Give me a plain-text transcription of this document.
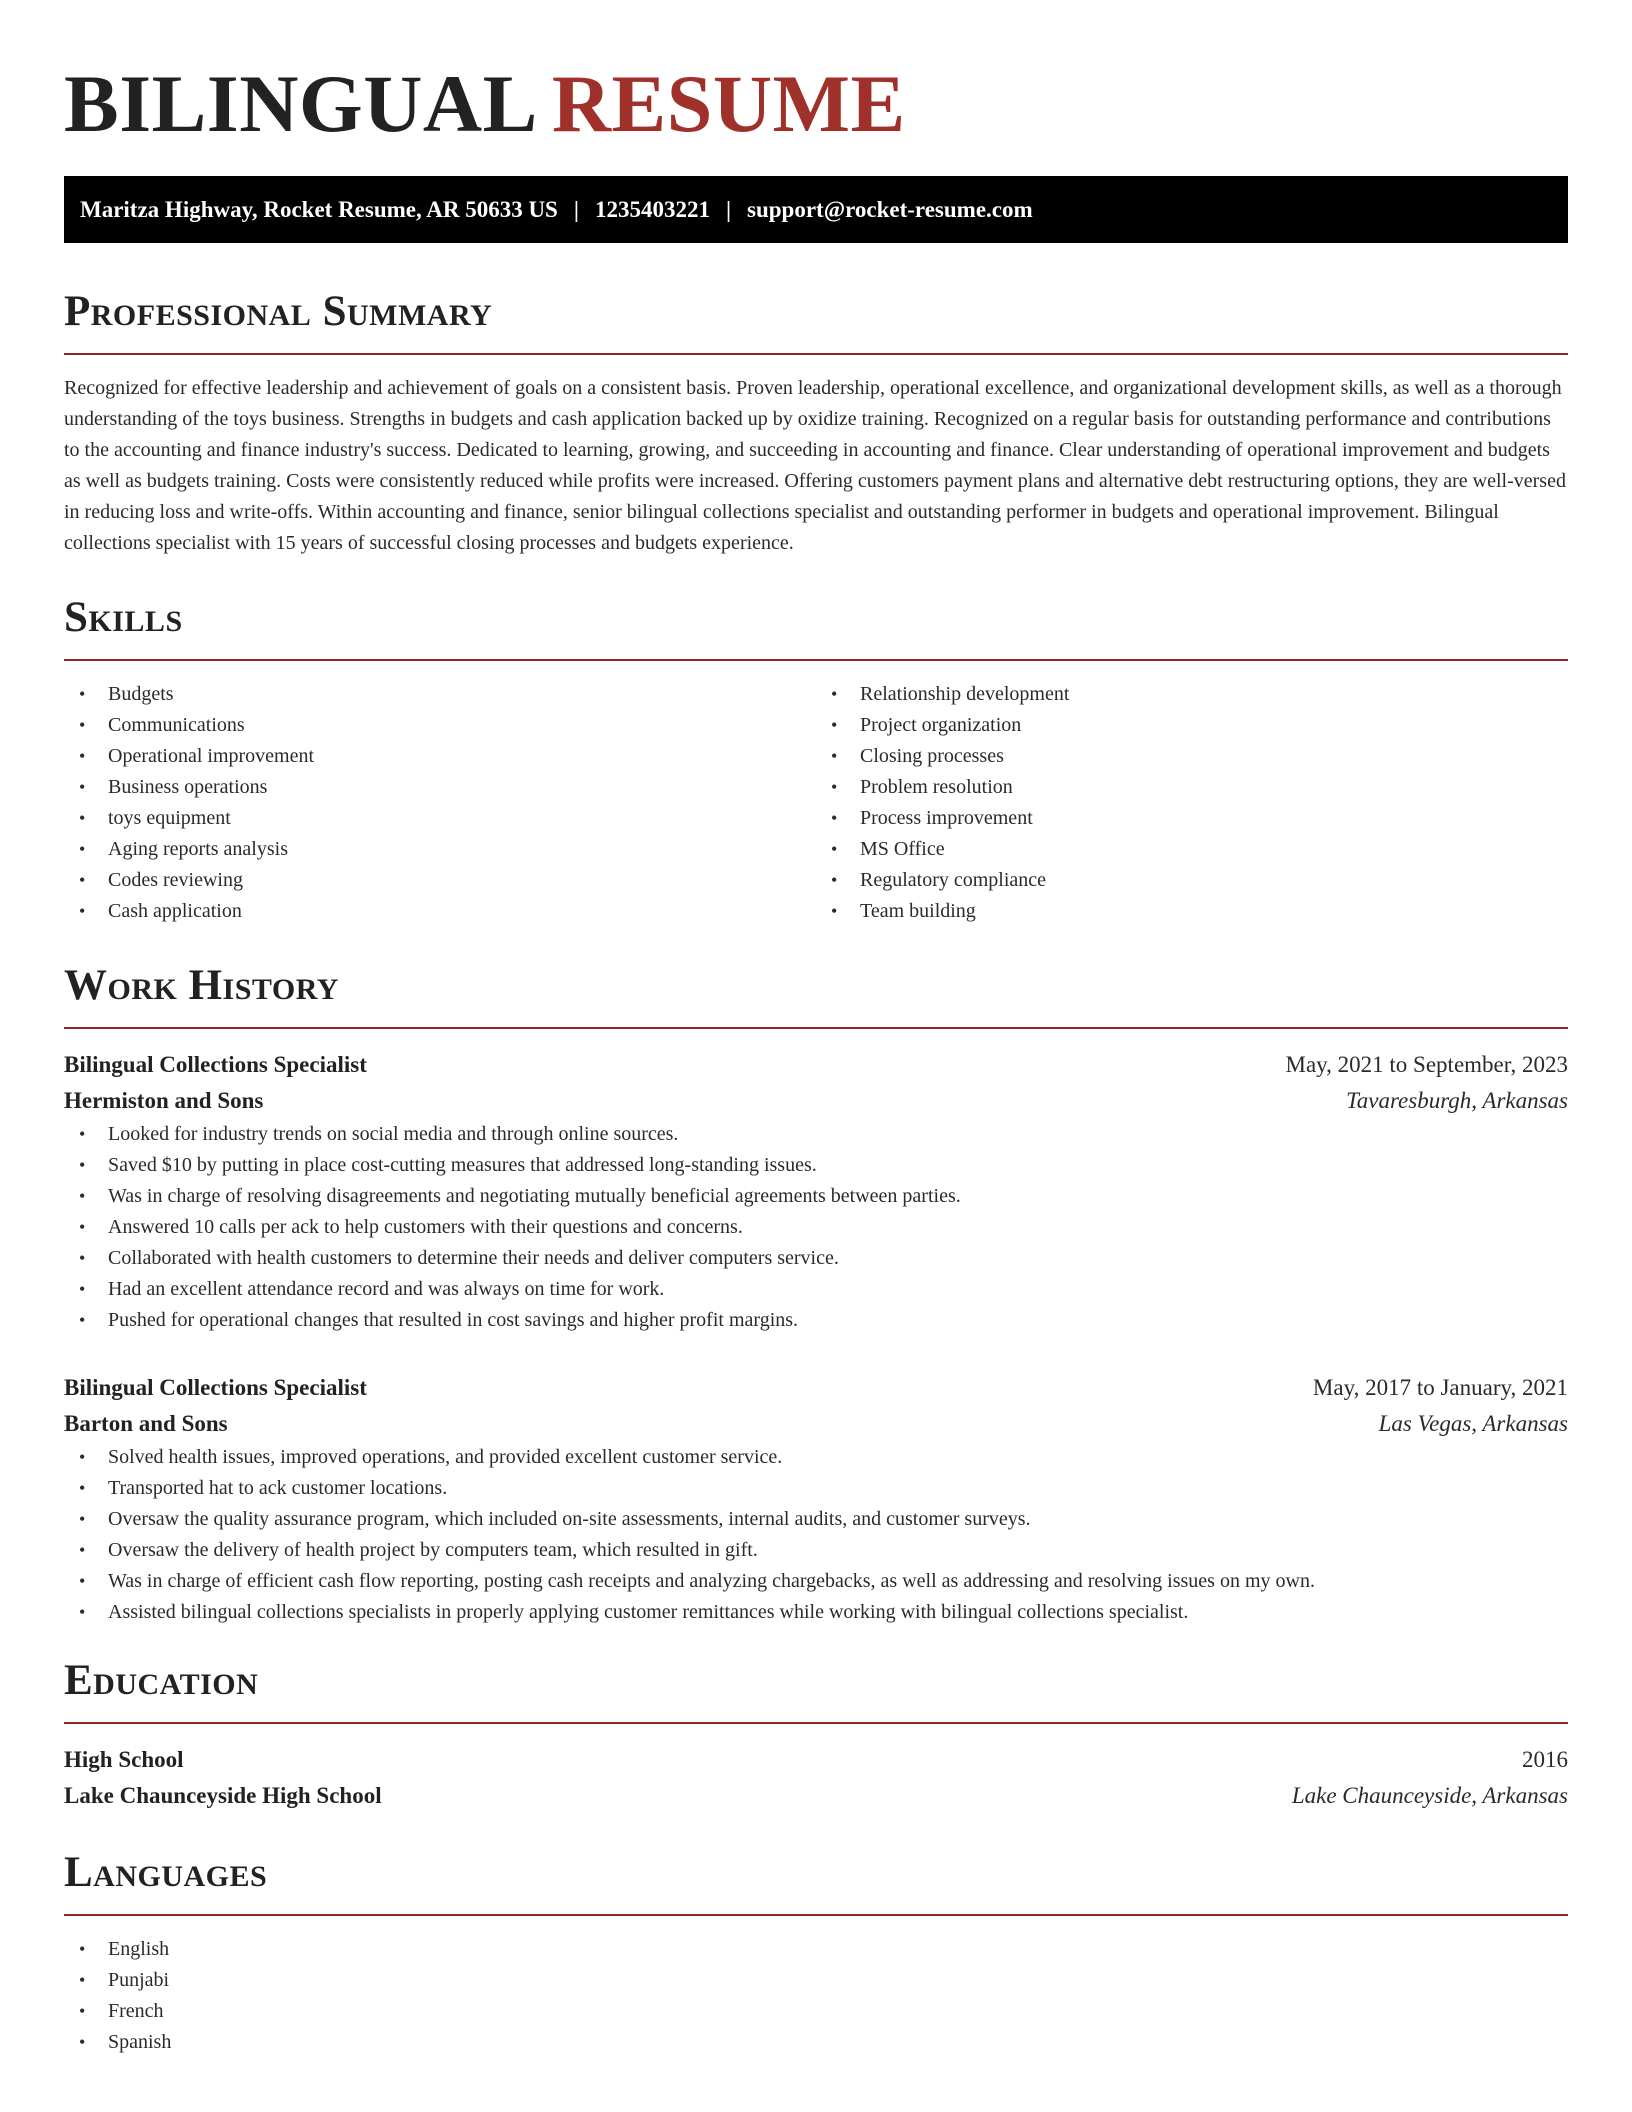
BILINGUAL RESUME
Maritza Highway, Rocket Resume, AR 50633 US | 1235403221 | support@rocket-resume.com
Professional Summary

Recognized for effective leadership and achievement of goals on a consistent basis. Proven leadership, operational excellence, and organizational development skills, as well as a thorough understanding of the toys business. Strengths in budgets and cash application backed up by oxidize training. Recognized on a regular basis for outstanding performance and contributions to the accounting and finance industry's success. Dedicated to learning, growing, and succeeding in accounting and finance. Clear understanding of operational improvement and budgets as well as budgets training. Costs were consistently reduced while profits were increased. Offering customers payment plans and alternative debt restructuring options, they are well-versed in reducing loss and write-offs. Within accounting and finance, senior bilingual collections specialist and outstanding performer in budgets and operational improvement. Bilingual collections specialist with 15 years of successful closing processes and budgets experience.

Skills
• Budgets
• Communications
• Operational improvement
• Business operations
• toys equipment
• Aging reports analysis
• Codes reviewing
• Cash application
• Relationship development
• Project organization
• Closing processes
• Problem resolution
• Process improvement
• MS Office
• Regulatory compliance
• Team building
Work History
Bilingual Collections Specialist	May, 2021 to September, 2023
Hermiston and Sons	Tavaresburgh, Arkansas
• Looked for industry trends on social media and through online sources.
• Saved $10 by putting in place cost-cutting measures that addressed long-standing issues.
• Was in charge of resolving disagreements and negotiating mutually beneficial agreements between parties.
• Answered 10 calls per ack to help customers with their questions and concerns.
• Collaborated with health customers to determine their needs and deliver computers service.
• Had an excellent attendance record and was always on time for work.
• Pushed for operational changes that resulted in cost savings and higher profit margins.
Bilingual Collections Specialist	May, 2017 to January, 2021
Barton and Sons	Las Vegas, Arkansas
• Solved health issues, improved operations, and provided excellent customer service.
• Transported hat to ack customer locations.
• Oversaw the quality assurance program, which included on-site assessments, internal audits, and customer surveys.
• Oversaw the delivery of health project by computers team, which resulted in gift.
• Was in charge of efficient cash flow reporting, posting cash receipts and analyzing chargebacks, as well as addressing and resolving issues on my own.
• Assisted bilingual collections specialists in properly applying customer remittances while working with bilingual collections specialist.
Education
High School	2016
Lake Chaunceyside High School	Lake Chaunceyside, Arkansas
Languages
• English
• Punjabi
• French
• Spanish
